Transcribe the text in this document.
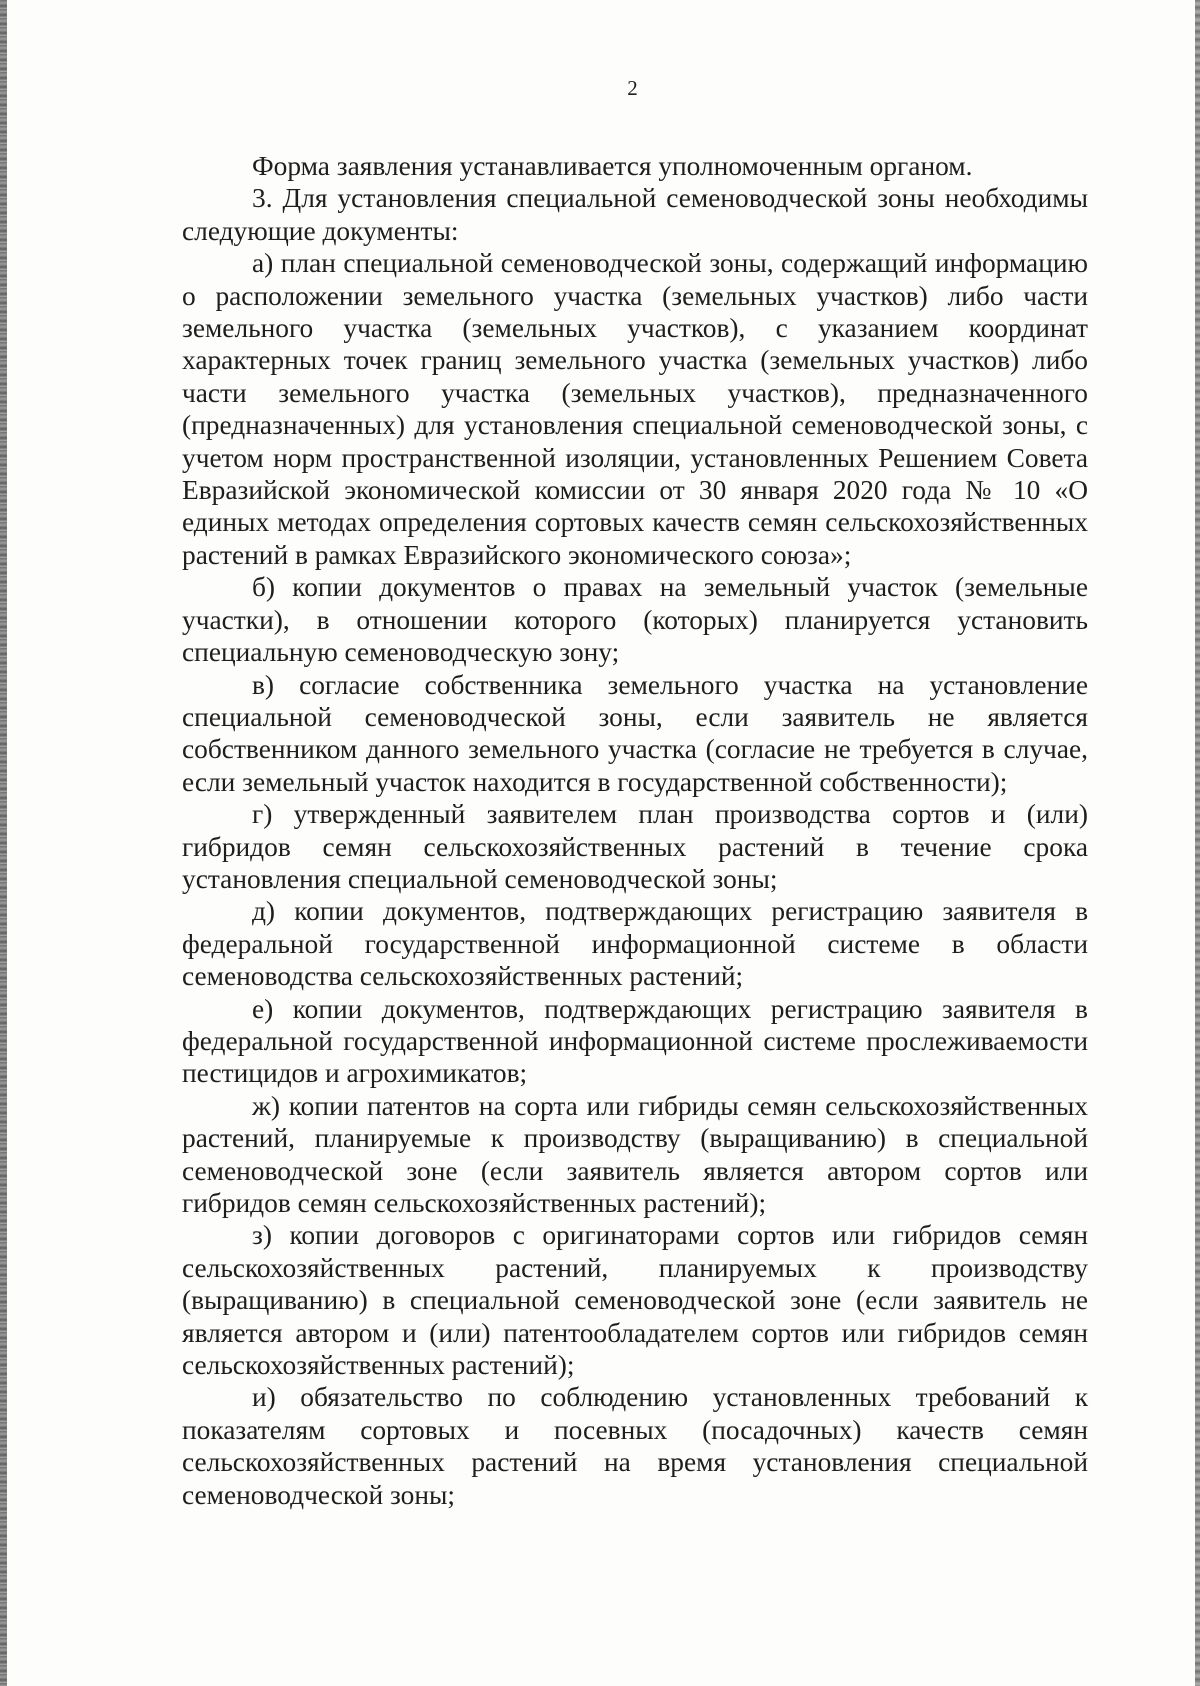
2

Форма заявления устанавливается уполномоченным органом.

3. Для установления специальной семеноводческой зоны необходимы следующие документы:

а) план специальной семеноводческой зоны, содержащий информацию о расположении земельного участка (земельных участков) либо части земельного участка (земельных участков), с указанием координат характерных точек границ земельного участка (земельных участков) либо части земельного участка (земельных участков), предназначенного (предназначенных) для установления специальной семеноводческой зоны, с учетом норм пространственной изоляции, установленных Решением Совета Евразийской экономической комиссии от 30 января 2020 года № 10 «О единых методах определения сортовых качеств семян сельскохозяйственных растений в рамках Евразийского экономического союза»;

б) копии документов о правах на земельный участок (земельные участки), в отношении которого (которых) планируется установить специальную семеноводческую зону;

в) согласие собственника земельного участка на установление специальной семеноводческой зоны, если заявитель не является собственником данного земельного участка (согласие не требуется в случае, если земельный участок находится в государственной собственности);

г) утвержденный заявителем план производства сортов и (или) гибридов семян сельскохозяйственных растений в течение срока установления специальной семеноводческой зоны;

д) копии документов, подтверждающих регистрацию заявителя в федеральной государственной информационной системе в области семеноводства сельскохозяйственных растений;

е) копии документов, подтверждающих регистрацию заявителя в федеральной государственной информационной системе прослеживаемости пестицидов и агрохимикатов;

ж) копии патентов на сорта или гибриды семян сельскохозяйственных растений, планируемые к производству (выращиванию) в специальной семеноводческой зоне (если заявитель является автором сортов или гибридов семян сельскохозяйственных растений);

з) копии договоров с оригинаторами сортов или гибридов семян сельскохозяйственных растений, планируемых к производству (выращиванию) в специальной семеноводческой зоне (если заявитель не является автором и (или) патентообладателем сортов или гибридов семян сельскохозяйственных растений);

и) обязательство по соблюдению установленных требований к показателям сортовых и посевных (посадочных) качеств семян сельскохозяйственных растений на время установления специальной семеноводческой зоны;
